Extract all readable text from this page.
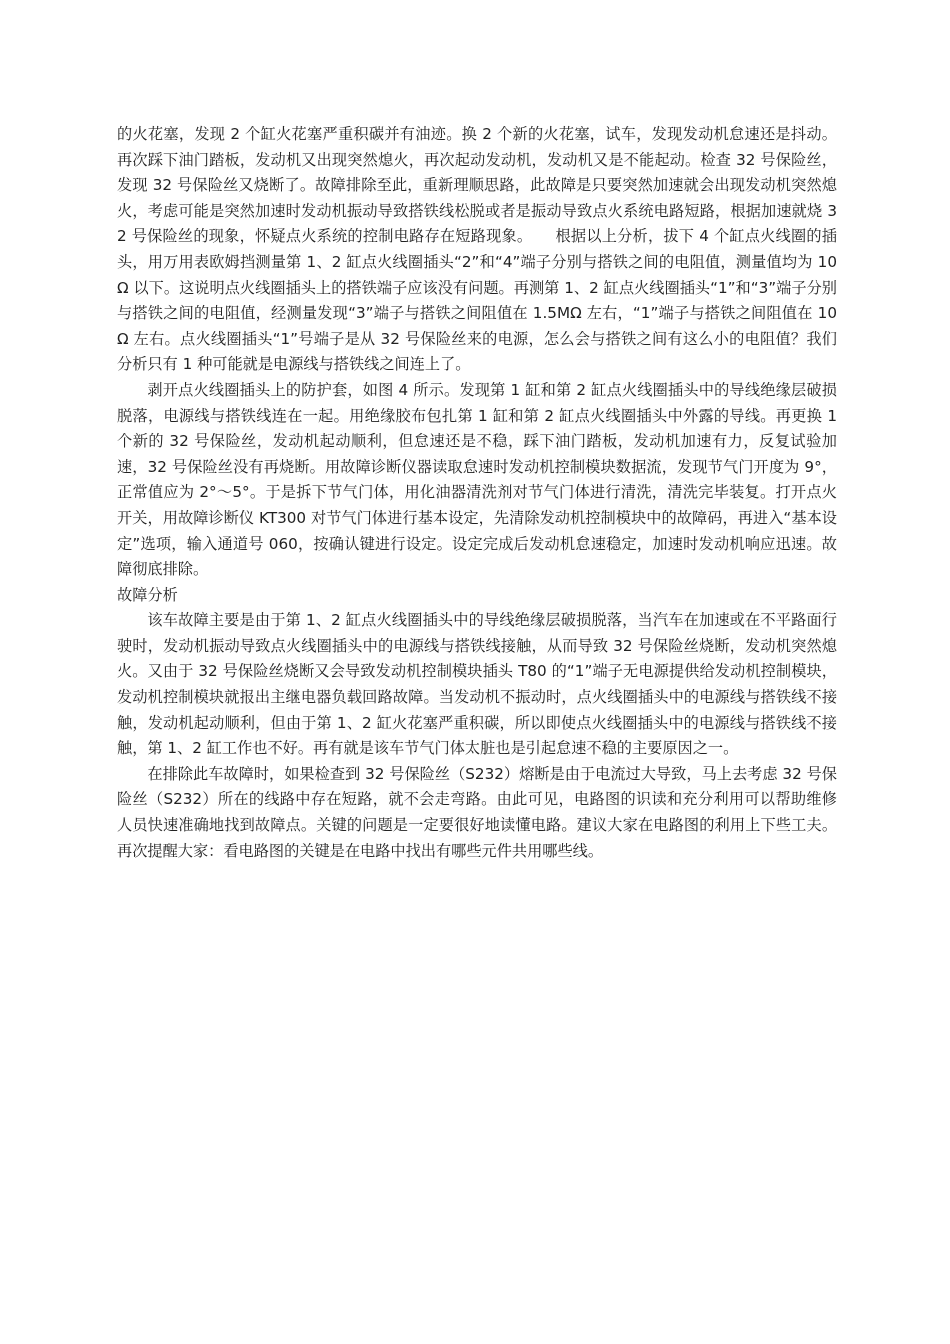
的火花塞，发现 2 个缸火花塞严重积碳并有油迹。换 2 个新的火花塞，试车，发现发动机怠速还是抖动。再次踩下油门踏板，发动机又出现突然熄火，再次起动发动机，发动机又是不能起动。检查 32 号保险丝，发现 32 号保险丝又烧断了。故障排除至此，重新理顺思路，此故障是只要突然加速就会出现发动机突然熄火，考虑可能是突然加速时发动机振动导致搭铁线松脱或者是振动导致点火系统电路短路，根据加速就烧 32 号保险丝的现象，怀疑点火系统的控制电路存在短路现象。　　根据以上分析，拔下 4 个缸点火线圈的插头，用万用表欧姆挡测量第 1、2 缸点火线圈插头“2”和“4”端子分别与搭铁之间的电阻值，测量值均为 10Ω 以下。这说明点火线圈插头上的搭铁端子应该没有问题。再测第 1、2 缸点火线圈插头“1”和“3”端子分别与搭铁之间的电阻值，经测量发现“3”端子与搭铁之间阻值在 1.5MΩ 左右，“1”端子与搭铁之间阻值在 10Ω 左右。点火线圈插头“1”号端子是从 32 号保险丝来的电源，怎么会与搭铁之间有这么小的电阻值？我们分析只有 1 种可能就是电源线与搭铁线之间连上了。

剥开点火线圈插头上的防护套，如图 4 所示。发现第 1 缸和第 2 缸点火线圈插头中的导线绝缘层破损脱落，电源线与搭铁线连在一起。用绝缘胶布包扎第 1 缸和第 2 缸点火线圈插头中外露的导线。再更换 1 个新的 32 号保险丝，发动机起动顺利，但怠速还是不稳，踩下油门踏板，发动机加速有力，反复试验加速，32 号保险丝没有再烧断。用故障诊断仪器读取怠速时发动机控制模块数据流，发现节气门开度为 9°，正常值应为 2°～5°。于是拆下节气门体，用化油器清洗剂对节气门体进行清洗，清洗完毕装复。打开点火开关，用故障诊断仪 KT300 对节气门体进行基本设定，先清除发动机控制模块中的故障码，再进入“基本设定”选项，输入通道号 060，按确认键进行设定。设定完成后发动机怠速稳定，加速时发动机响应迅速。故障彻底排除。

故障分析

该车故障主要是由于第 1、2 缸点火线圈插头中的导线绝缘层破损脱落，当汽车在加速或在不平路面行驶时，发动机振动导致点火线圈插头中的电源线与搭铁线接触，从而导致 32 号保险丝烧断，发动机突然熄火。又由于 32 号保险丝烧断又会导致发动机控制模块插头 T80 的“1”端子无电源提供给发动机控制模块，发动机控制模块就报出主继电器负载回路故障。当发动机不振动时，点火线圈插头中的电源线与搭铁线不接触，发动机起动顺利，但由于第 1、2 缸火花塞严重积碳，所以即使点火线圈插头中的电源线与搭铁线不接触，第 1、2 缸工作也不好。再有就是该车节气门体太脏也是引起怠速不稳的主要原因之一。

在排除此车故障时，如果检查到 32 号保险丝（S232）熔断是由于电流过大导致，马上去考虑 32 号保险丝（S232）所在的线路中存在短路，就不会走弯路。由此可见，电路图的识读和充分利用可以帮助维修人员快速准确地找到故障点。关键的问题是一定要很好地读懂电路。建议大家在电路图的利用上下些工夫。再次提醒大家：看电路图的关键是在电路中找出有哪些元件共用哪些线。
